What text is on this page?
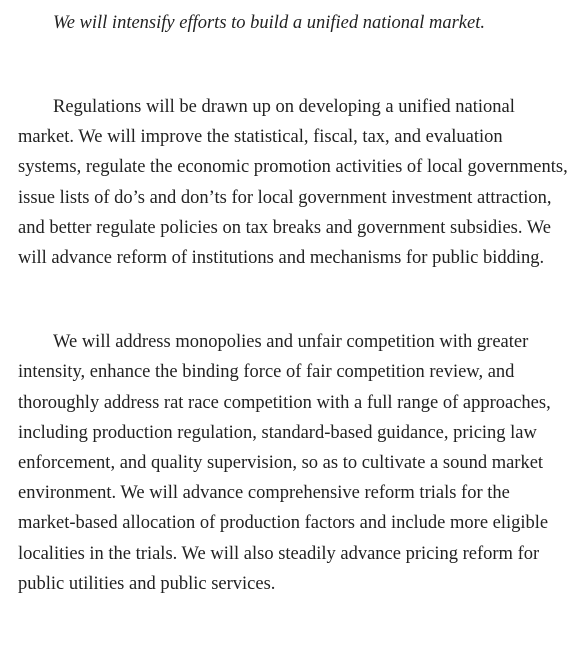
We will intensify efforts to build a unified national market.

Regulations will be drawn up on developing a unified national market. We will improve the statistical, fiscal, tax, and evaluation systems, regulate the economic promotion activities of local governments, issue lists of do’s and don’ts for local government investment attraction, and better regulate policies on tax breaks and government subsidies. We will advance reform of institutions and mechanisms for public bidding.

We will address monopolies and unfair competition with greater intensity, enhance the binding force of fair competition review, and thoroughly address rat race competition with a full range of approaches, including production regulation, standard-based guidance, pricing law enforcement, and quality supervision, so as to cultivate a sound market environment. We will advance comprehensive reform trials for the market-based allocation of production factors and include more eligible localities in the trials. We will also steadily advance pricing reform for public utilities and public services.
